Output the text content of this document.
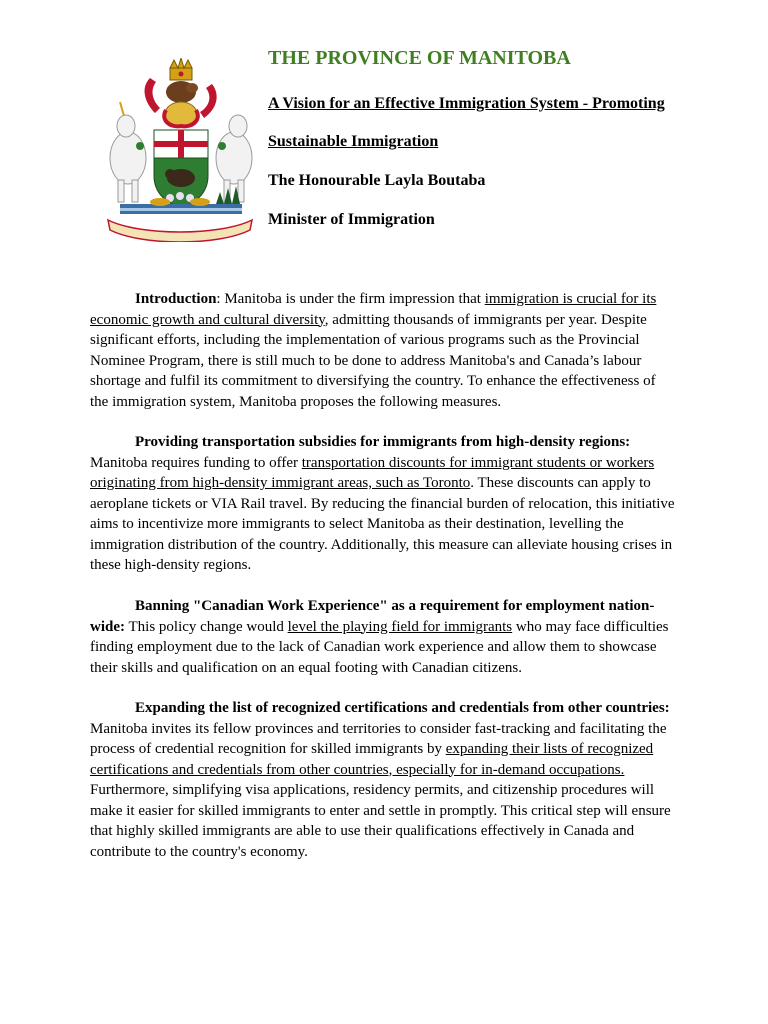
THE PROVINCE OF MANITOBA

A Vision for an Effective Immigration System - Promoting

Sustainable Immigration

The Honourable Layla Boutaba

Minister of Immigration

Introduction: Manitoba is under the firm impression that immigration is crucial for its economic growth and cultural diversity, admitting thousands of immigrants per year. Despite significant efforts, including the implementation of various programs such as the Provincial Nominee Program, there is still much to be done to address Manitoba's and Canada’s labour shortage and fulfil its commitment to diversifying the country. To enhance the effectiveness of the immigration system, Manitoba proposes the following measures.

Providing transportation subsidies for immigrants from high-density regions: Manitoba requires funding to offer transportation discounts for immigrant students or workers originating from high-density immigrant areas, such as Toronto. These discounts can apply to aeroplane tickets or VIA Rail travel. By reducing the financial burden of relocation, this initiative aims to incentivize more immigrants to select Manitoba as their destination, levelling the immigration distribution of the country. Additionally, this measure can alleviate housing crises in these high-density regions.

Banning "Canadian Work Experience" as a requirement for employment nation-wide: This policy change would level the playing field for immigrants who may face difficulties finding employment due to the lack of Canadian work experience and allow them to showcase their skills and qualification on an equal footing with Canadian citizens.

Expanding the list of recognized certifications and credentials from other countries: Manitoba invites its fellow provinces and territories to consider fast-tracking and facilitating the process of credential recognition for skilled immigrants by expanding their lists of recognized certifications and credentials from other countries, especially for in-demand occupations. Furthermore, simplifying visa applications, residency permits, and citizenship procedures will make it easier for skilled immigrants to enter and settle in promptly. This critical step will ensure that highly skilled immigrants are able to use their qualifications effectively in Canada and contribute to the country's economy.
